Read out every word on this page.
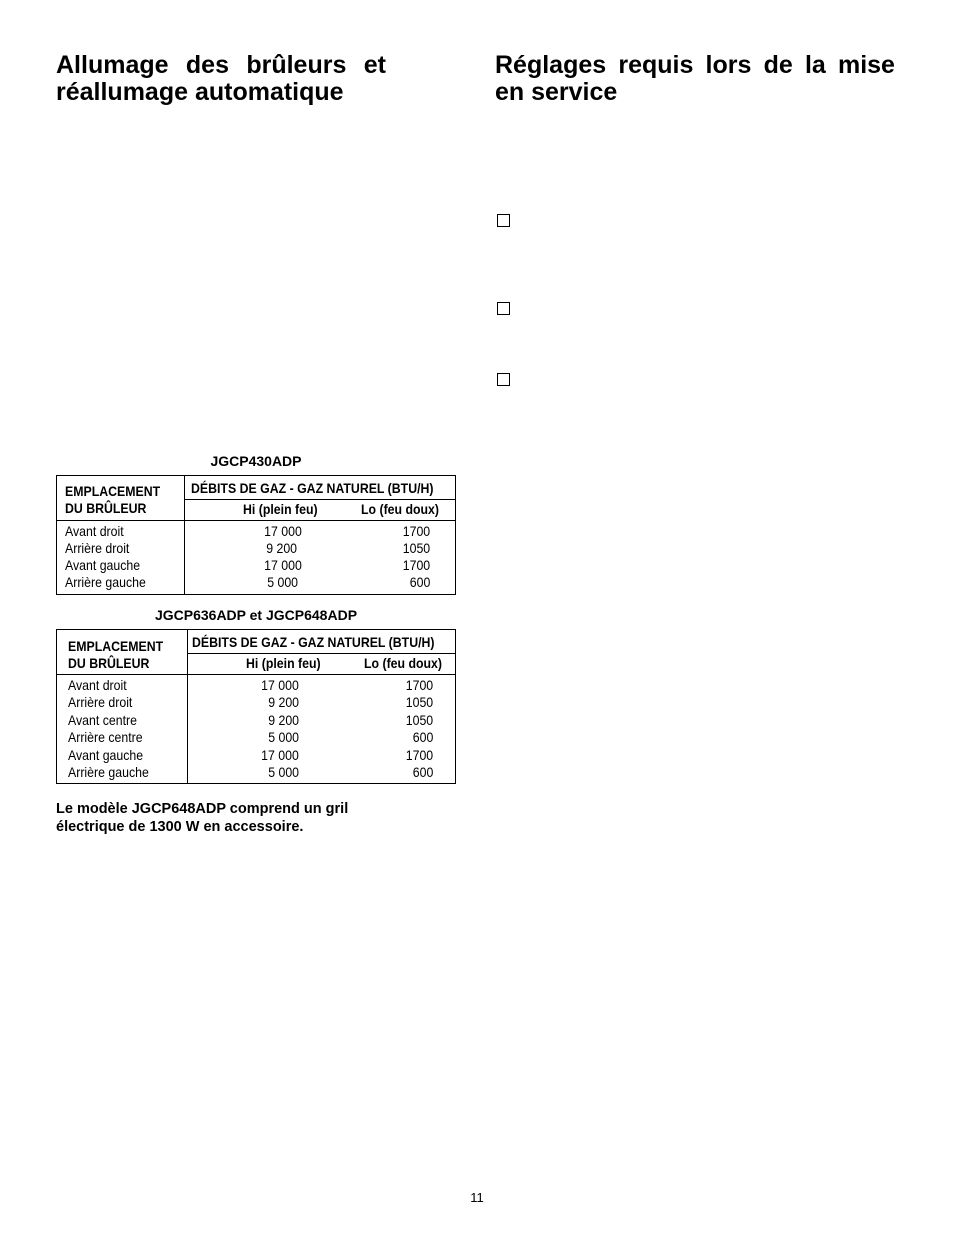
Allumage des brûleurs et
réallumage automatique
Réglages requis lors de la mise
en service
JGCP430ADP
EMPLACEMENT
DU BRÛLEUR
DÉBITS DE GAZ - GAZ NATUREL (BTU/H)
Hi (plein feu)	Lo (feu doux)
Avant droit	17 000	1700
Arrière droit	9 200	1050
Avant gauche	17 000	1700
Arrière gauche	5 000	600
JGCP636ADP et JGCP648ADP
EMPLACEMENT
DU BRÛLEUR
DÉBITS DE GAZ - GAZ NATUREL (BTU/H)
Hi (plein feu)	Lo (feu doux)
Avant droit	17 000	1700
Arrière droit	9 200	1050
Avant centre	9 200	1050
Arrière centre	5 000	600
Avant gauche	17 000	1700
Arrière gauche	5 000	600
Le modèle JGCP648ADP comprend un gril électrique de 1300 W en accessoire.
11
